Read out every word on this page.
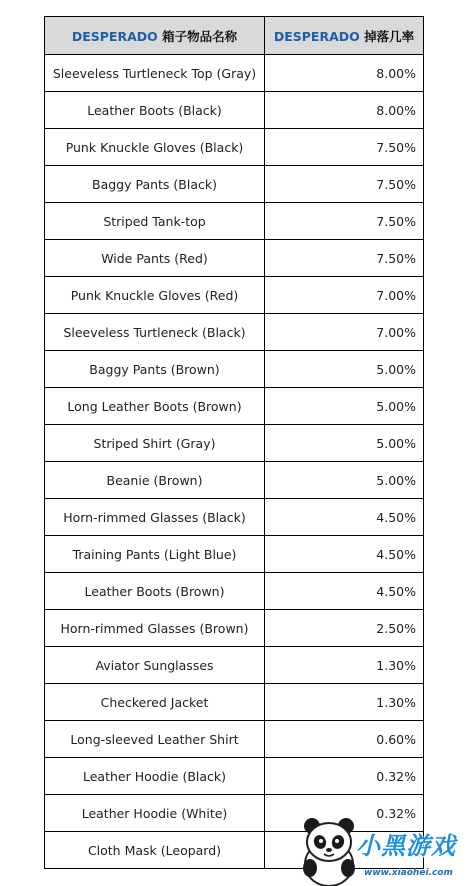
DESPERADO 箱子物品名称	DESPERADO 掉落几率
Sleeveless Turtleneck Top (Gray)	8.00%
Leather Boots (Black)	8.00%
Punk Knuckle Gloves (Black)	7.50%
Baggy Pants (Black)	7.50%
Striped Tank-top	7.50%
Wide Pants (Red)	7.50%
Punk Knuckle Gloves (Red)	7.00%
Sleeveless Turtleneck (Black)	7.00%
Baggy Pants (Brown)	5.00%
Long Leather Boots (Brown)	5.00%
Striped Shirt (Gray)	5.00%
Beanie (Brown)	5.00%
Horn-rimmed Glasses (Black)	4.50%
Training Pants (Light Blue)	4.50%
Leather Boots (Brown)	4.50%
Horn-rimmed Glasses (Brown)	2.50%
Aviator Sunglasses	1.30%
Checkered Jacket	1.30%
Long-sleeved Leather Shirt	0.60%
Leather Hoodie (Black)	0.32%
Leather Hoodie (White)	0.32%
Cloth Mask (Leopard)		小黑游戏
www.xiaohei.com
